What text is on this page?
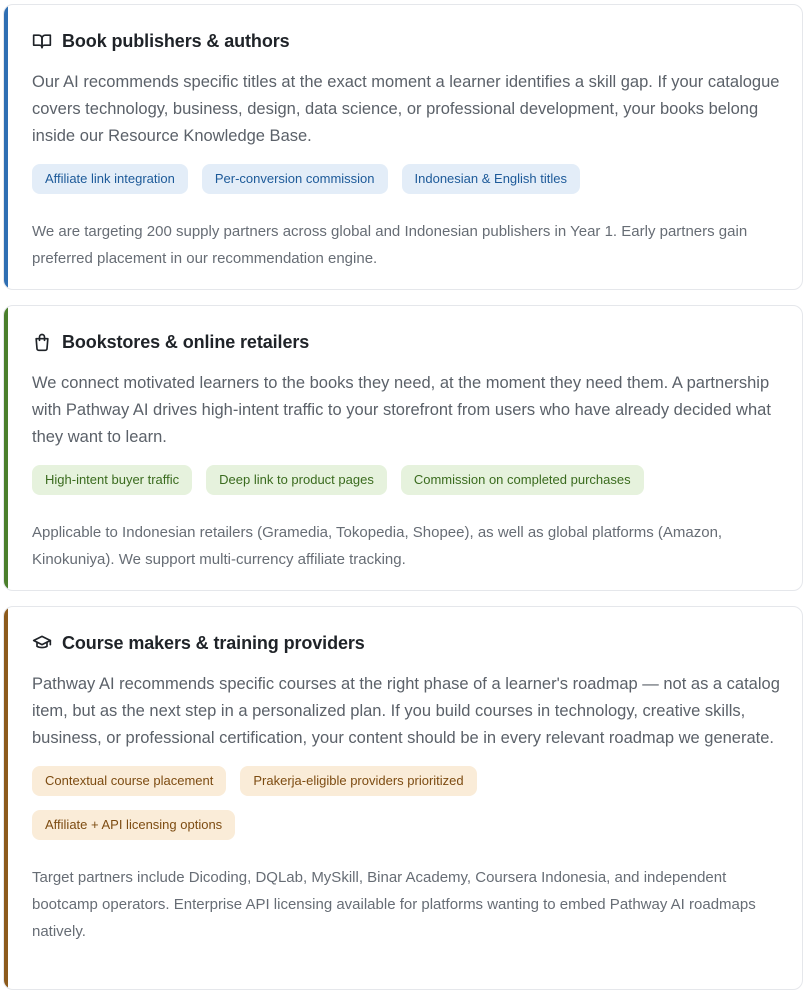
Book publishers & authors

Our AI recommends specific titles at the exact moment a learner identifies a skill gap. If your catalogue covers technology, business, design, data science, or professional development, your books belong inside our Resource Knowledge Base.

Affiliate link integration	Per-conversion commission	Indonesian & English titles

We are targeting 200 supply partners across global and Indonesian publishers in Year 1. Early partners gain preferred placement in our recommendation engine.

Bookstores & online retailers

We connect motivated learners to the books they need, at the moment they need them. A partnership with Pathway AI drives high-intent traffic to your storefront from users who have already decided what they want to learn.

High-intent buyer traffic	Deep link to product pages	Commission on completed purchases

Applicable to Indonesian retailers (Gramedia, Tokopedia, Shopee), as well as global platforms (Amazon, Kinokuniya). We support multi-currency affiliate tracking.

Course makers & training providers

Pathway AI recommends specific courses at the right phase of a learner's roadmap — not as a catalog item, but as the next step in a personalized plan. If you build courses in technology, creative skills, business, or professional certification, your content should be in every relevant roadmap we generate.

Contextual course placement	Prakerja-eligible providers prioritized
Affiliate + API licensing options

Target partners include Dicoding, DQLab, MySkill, Binar Academy, Coursera Indonesia, and independent bootcamp operators. Enterprise API licensing available for platforms wanting to embed Pathway AI roadmaps natively.
